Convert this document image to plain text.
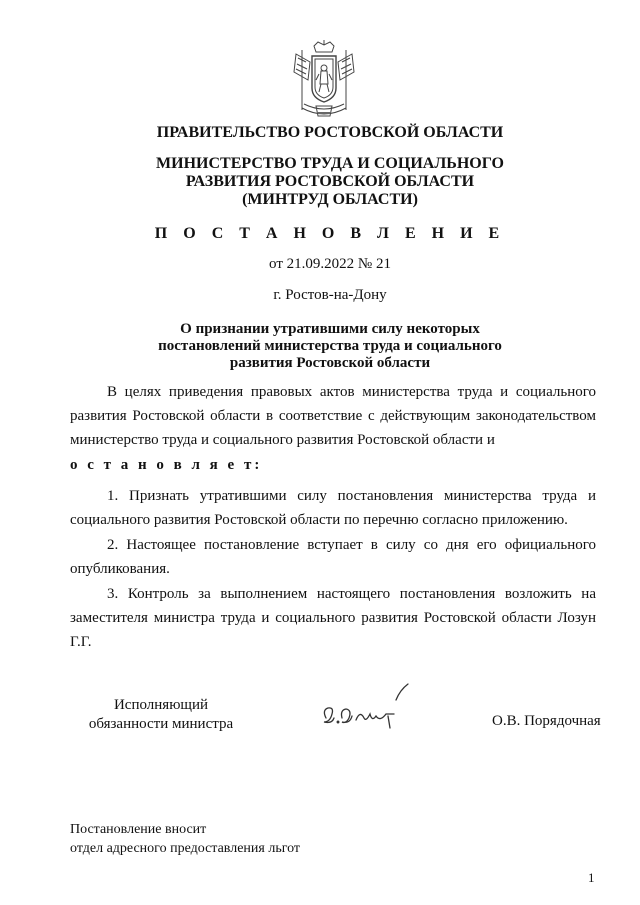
ПРАВИТЕЛЬСТВО РОСТОВСКОЙ ОБЛАСТИ
МИНИСТЕРСТВО ТРУДА И СОЦИАЛЬНОГО
РАЗВИТИЯ РОСТОВСКОЙ ОБЛАСТИ
(МИНТРУД ОБЛАСТИ)
П О С Т А Н О В Л Е Н И Е
от 21.09.2022 № 21
г. Ростов-на-Дону
О признании утратившими силу некоторых
постановлений министерства труда и социального
развития Ростовской области

В целях приведения правовых актов министерства труда и социального развития Ростовской области в соответствие с действующим законодательством министерство труда и социального развития Ростовской области и

о с т а н о в л я е т:

1. Признать утратившими силу постановления министерства труда и социального развития Ростовской области по перечню согласно приложению.

2. Настоящее постановление вступает в силу со дня его официального опубликования.

3. Контроль за выполнением настоящего постановления возложить на заместителя министра труда и социального развития Ростовской области Лозун Г.Г.

Исполняющий
обязанности министра	О.В. Порядочная
Постановление вносит
отдел адресного предоставления льгот
1
